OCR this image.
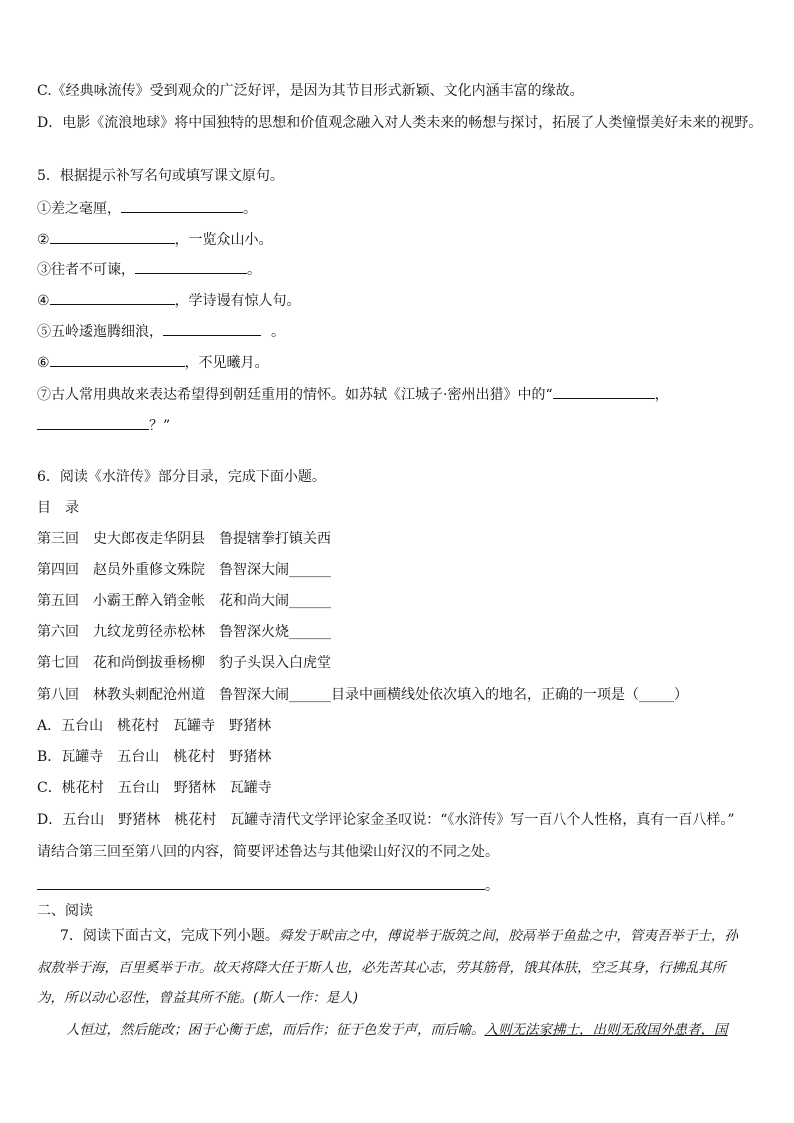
C.《经典咏流传》受到观众的广泛好评，是因为其节目形式新颖、文化内涵丰富的缘故。
D．电影《流浪地球》将中国独特的思想和价值观念融入对人类未来的畅想与探讨，拓展了人类憧憬美好未来的视野。
5．根据提示补写名句或填写课文原句。
①差之毫厘，	。
②	，一览众山小。
③往者不可谏，	。
④	，学诗谩有惊人句。
⑤五岭逶迤腾细浪，	。
⑥	，不见曦月。
⑦古人常用典故来表达希望得到朝廷重用的情怀。如苏轼《江城子·密州出猎》中的“	，
？”
6．阅读《水浒传》部分目录，完成下面小题。
目　录
第三回　史大郎夜走华阴县　鲁提辖拳打镇关西
第四回　赵员外重修文殊院　鲁智深大闹______
第五回　小霸王醉入销金帐　花和尚大闹______
第六回　九纹龙剪径赤松林　鲁智深火烧______
第七回　花和尚倒拔垂杨柳　豹子头误入白虎堂
第八回　林教头刺配沧州道　鲁智深大闹______目录中画横线处依次填入的地名，正确的一项是（_____）
A．五台山　桃花村　瓦罐寺　野猪林
B．瓦罐寺　五台山　桃花村　野猪林
C．桃花村　五台山　野猪林　瓦罐寺
D．五台山　野猪林　桃花村　瓦罐寺清代文学评论家金圣叹说：“《水浒传》写一百八个人性格，真有一百八样。”
请结合第三回至第八回的内容，简要评述鲁达与其他梁山好汉的不同之处。
。
二、阅读
7．阅读下面古文，完成下列小题。舜发于畎亩之中，傅说举于版筑之间，胶鬲举于鱼盐之中，管夷吾举于士，孙
叔敖举于海，百里奚举于市。故天将降大任于斯人也，必先苦其心志，劳其筋骨，饿其体肤，空乏其身，行拂乱其所
为，所以动心忍性，曾益其所不能。(斯人一作：是人)
人恒过，然后能改；困于心衡于虑，而后作；征于色发于声，而后喻。入则无法家拂士，出则无敌国外患者，国
